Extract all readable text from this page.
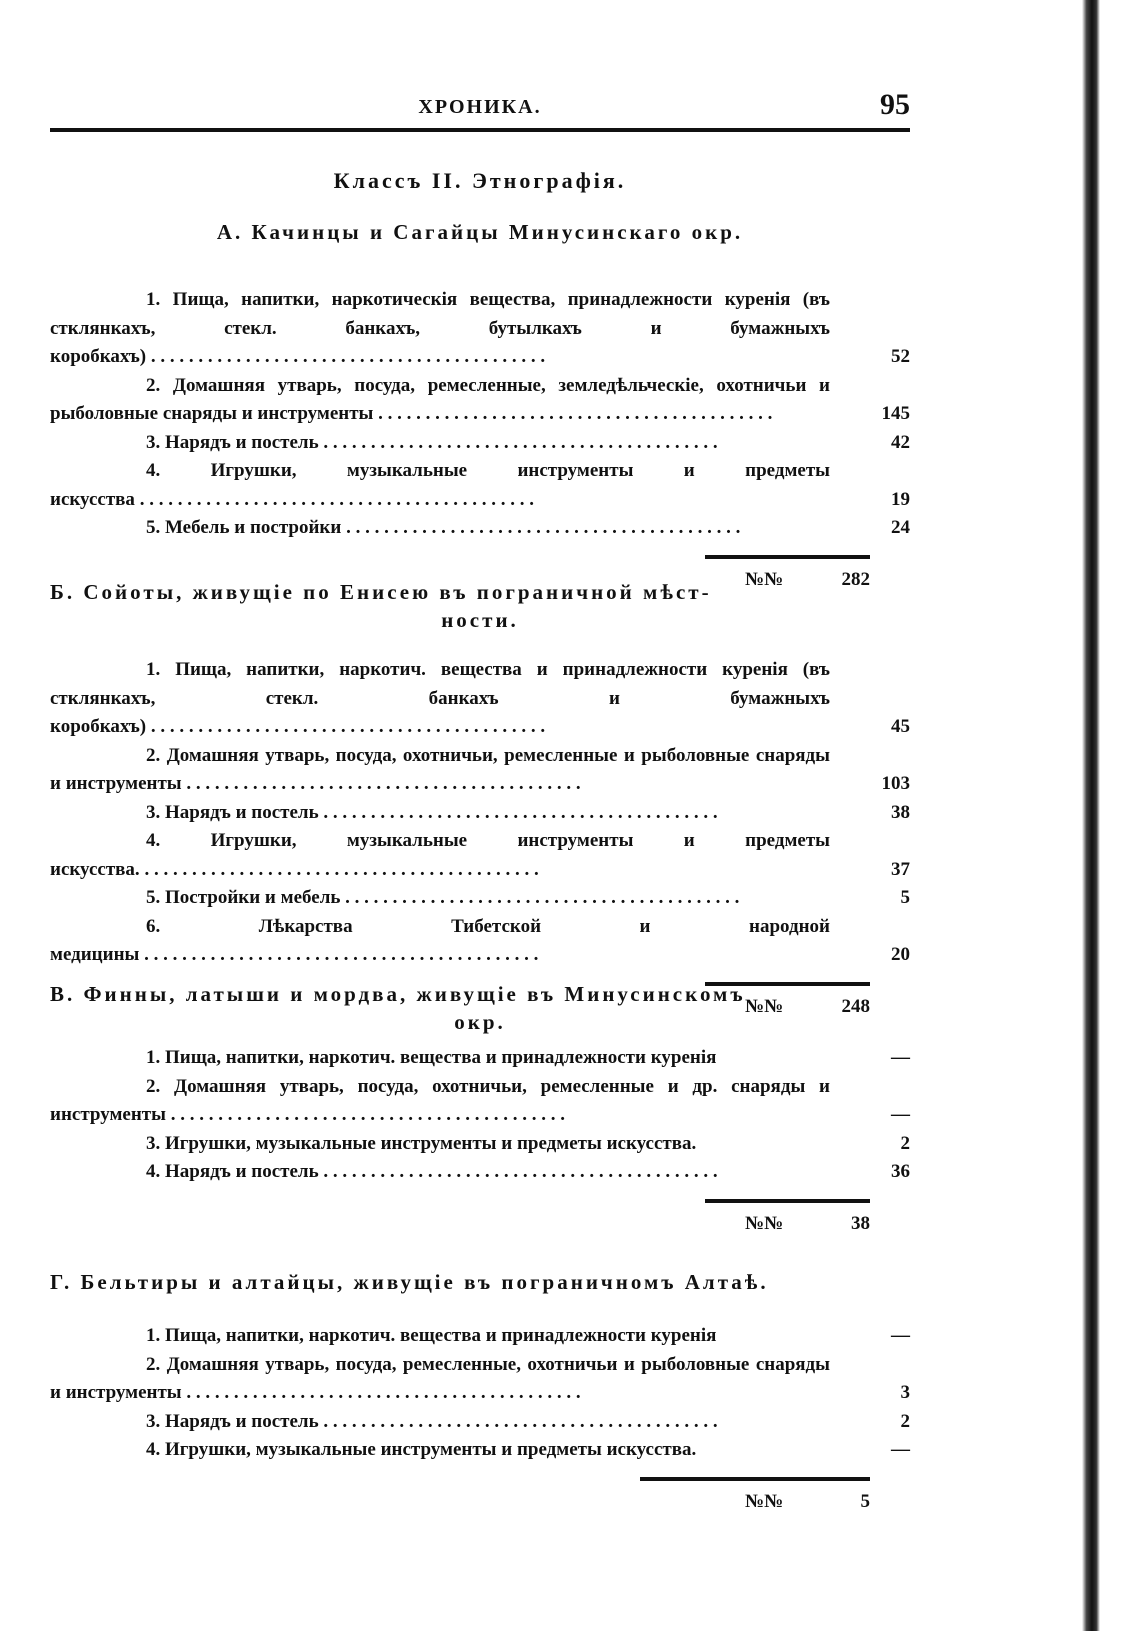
ХРОНИКА.	95
Классъ II. Этнографія.
А. Качинцы и Сагайцы Минусинскаго окр.
1. Пища, напитки, наркотическія вещества, принадлежности куренія (въ стклянкахъ, стекл. банкахъ, бутылкахъ и бумажныхъ коробкахъ) . . .	52
2. Домашняя утварь, посуда, ремесленные, земледѣльческіе, охотничьи и рыболовные снаряды и инструменты . . .	145
3. Нарядъ и постель . . .	42
4. Игрушки, музыкальные инструменты и предметы искусства . . .	19
5. Мебель и постройки . . .	24
№№	282
Б. Сойоты, живущіе по Енисею въ пограничной мѣст-
ности.
1. Пища, напитки, наркотич. вещества и принадлежности куренія (въ стклянкахъ, стекл. банкахъ и бумажныхъ коробкахъ) . . .	45
2. Домашняя утварь, посуда, охотничьи, ремесленные и рыболовные снаряды и инструменты . . .	103
3. Нарядъ и постель . . .	38
4. Игрушки, музыкальные инструменты и предметы искусства. . . .	37
5. Постройки и мебель . . .	5
6. Лѣкарства Тибетской и народной медицины . . .	20
№№	248
В. Финны, латыши и мордва, живущіе въ Минусинскомъ
окр.
1. Пища, напитки, наркотич. вещества и принадлежности куренія	—
2. Домашняя утварь, посуда, охотничьи, ремесленные и др. снаряды и инструменты . . .	—
3. Игрушки, музыкальные инструменты и предметы искусства.	2
4. Нарядъ и постель . . .	36
№№	38
Г. Бельтиры и алтайцы, живущіе въ пограничномъ Алтаѣ.
1. Пища, напитки, наркотич. вещества и принадлежности куренія	—
2. Домашняя утварь, посуда, ремесленные, охотничьи и рыболовные снаряды и инструменты . . .	3
3. Нарядъ и постель . . .	2
4. Игрушки, музыкальные инструменты и предметы искусства.	—
№№	5
